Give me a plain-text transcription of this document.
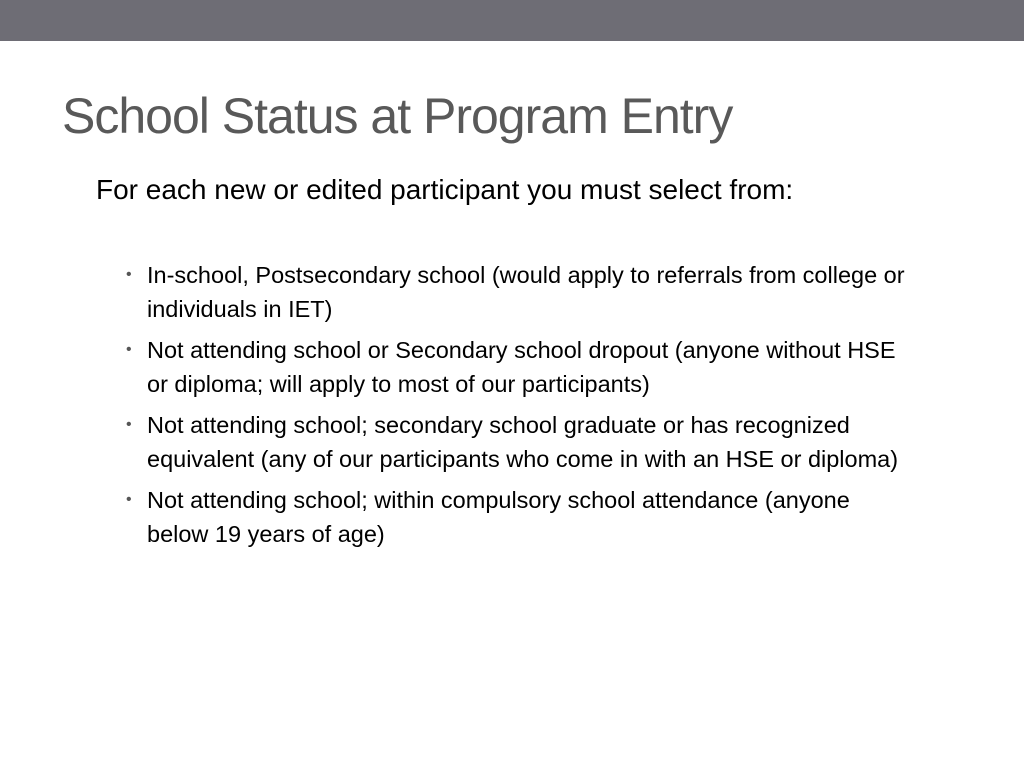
School Status at Program Entry

For each new or edited participant you must select from:

• In-school, Postsecondary school (would apply to referrals from college or individuals in IET)
• Not attending school or Secondary school dropout (anyone without HSE or diploma; will apply to most of our participants)
• Not attending school; secondary school graduate or has recognized equivalent (any of our participants who come in with an HSE or diploma)
• Not attending school; within compulsory school attendance (anyone below 19 years of age)
